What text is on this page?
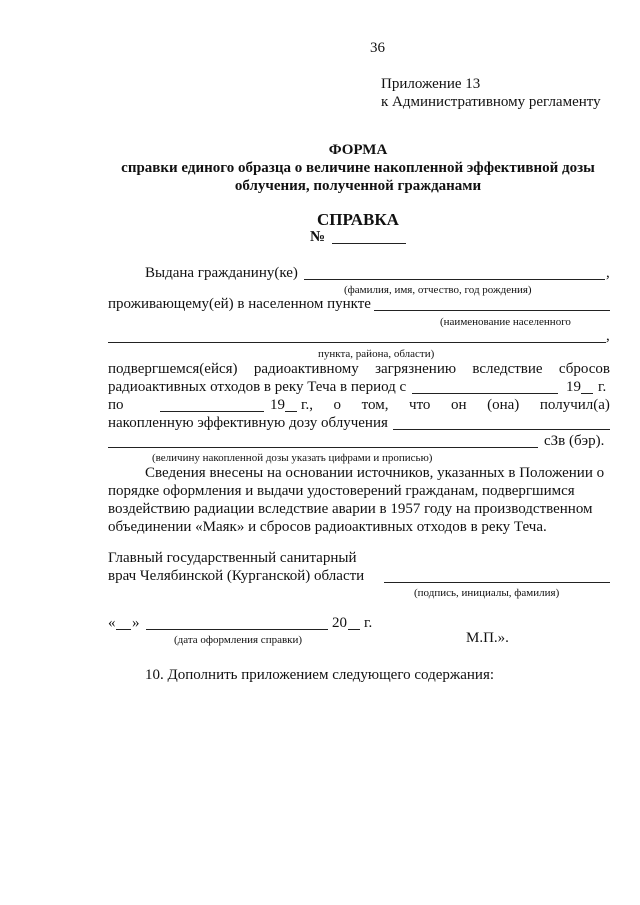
36
Приложение 13
к Административному регламенту
ФОРМА
справки единого образца о величине накопленной эффективной дозы
облучения, полученной гражданами
СПРАВКА
№
Выдана гражданину(ке)	,
(фамилия, имя, отчество, год рождения)
проживающему(ей) в населенном пункте
(наименование населенного
,
пункта, района, области)
подвергшемся(ейся) радиоактивному загрязнению вследствие сбросов
радиоактивных отходов в реку Теча в период с	19 г.
по	19 г., о том, что он (она) получил(а)
накопленную эффективную дозу облучения
сЗв (бэр).
(величину накопленной дозы указать цифрами и прописью)
Сведения внесены на основании источников, указанных в Положении о
порядке оформления и выдачи удостоверений гражданам, подвергшимся
воздействию радиации вследствие аварии в 1957 году на производственном
объединении «Маяк» и сбросов радиоактивных отходов в реку Теча.
Главный государственный санитарный
врач Челябинской (Курганской) области
(подпись, инициалы, фамилия)
« »	20 г.
(дата оформления справки)	М.П.».
10. Дополнить приложением следующего содержания:
